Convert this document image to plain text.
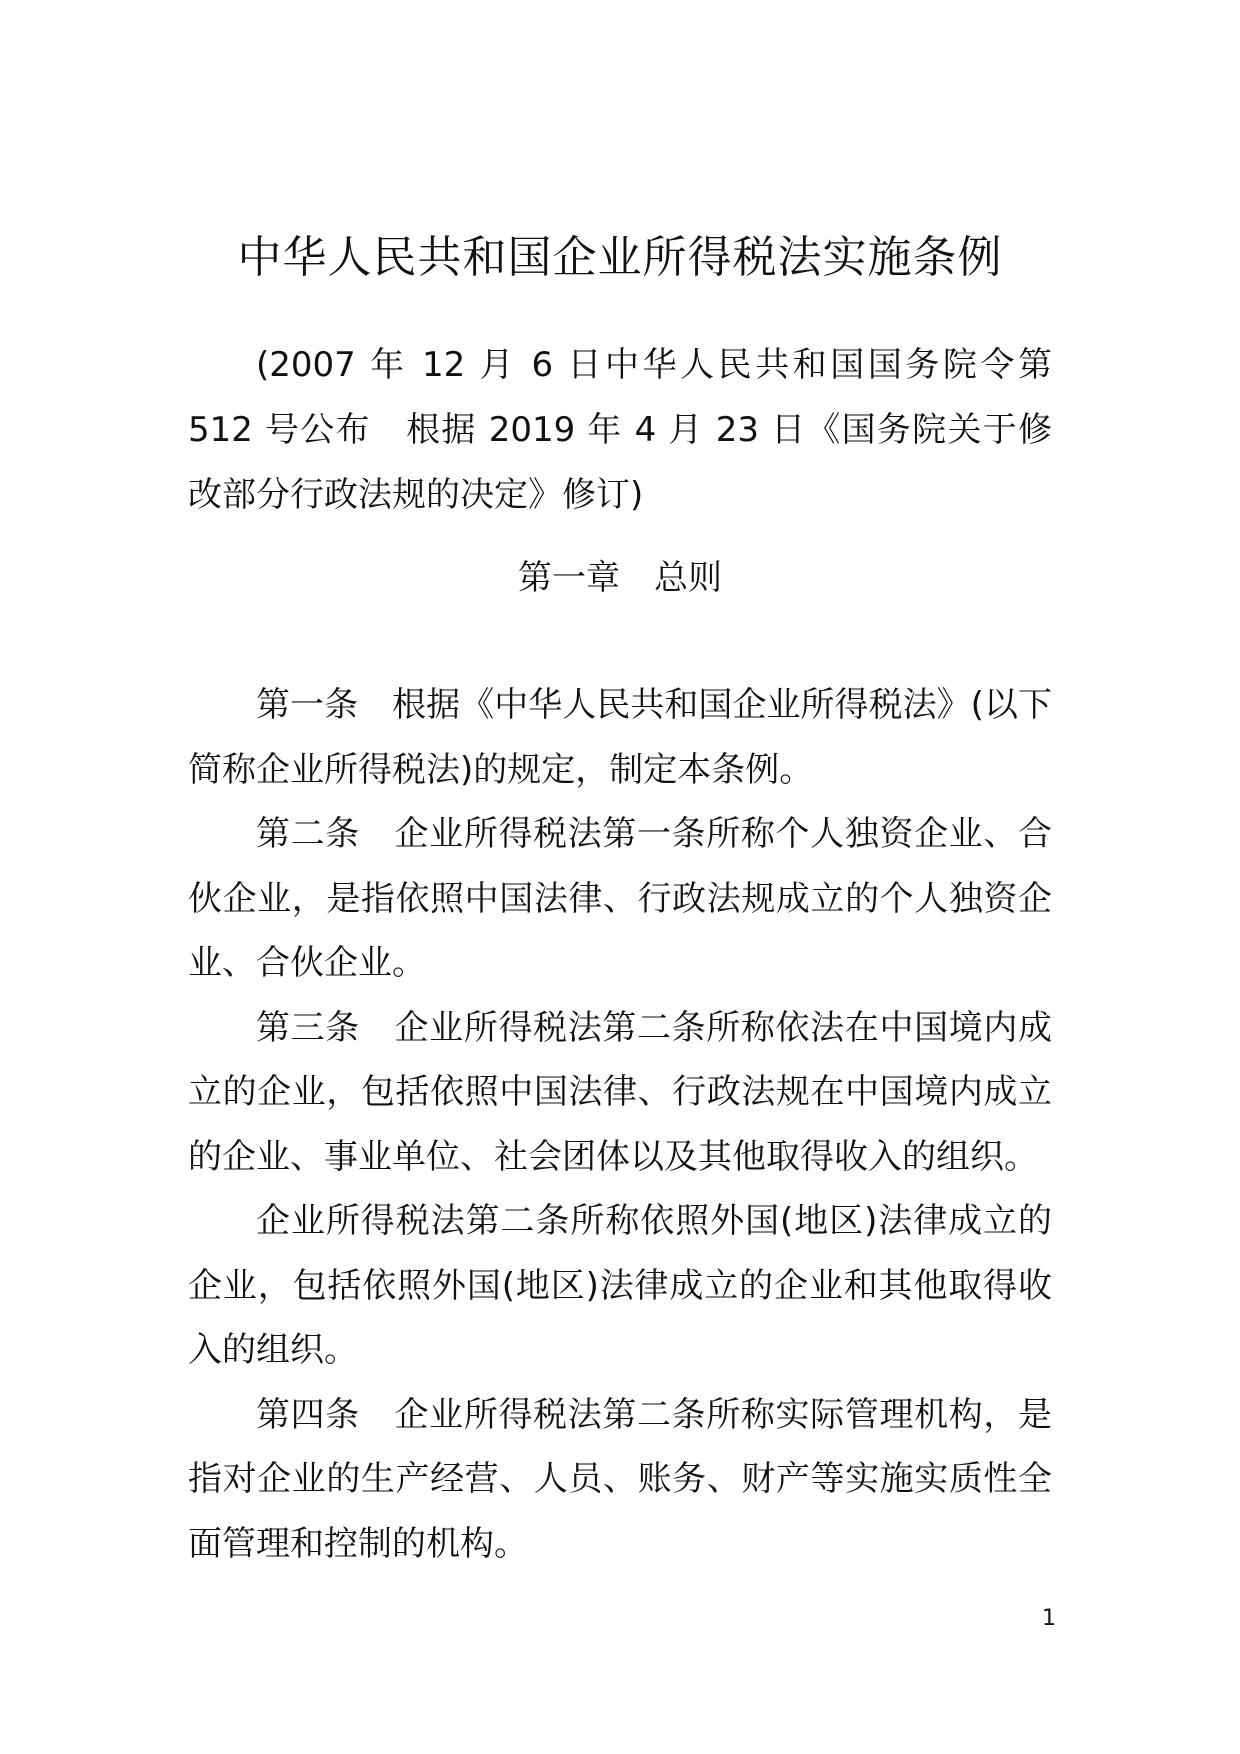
中华人民共和国企业所得税法实施条例

(2007 年 12 月 6 日中华人民共和国国务院令第 512 号公布　根据 2019 年 4 月 23 日《国务院关于修改部分行政法规的决定》修订)

第一章　总则

第一条　根据《中华人民共和国企业所得税法》(以下简称企业所得税法)的规定，制定本条例。

第二条　企业所得税法第一条所称个人独资企业、合伙企业，是指依照中国法律、行政法规成立的个人独资企业、合伙企业。

第三条　企业所得税法第二条所称依法在中国境内成立的企业，包括依照中国法律、行政法规在中国境内成立的企业、事业单位、社会团体以及其他取得收入的组织。

企业所得税法第二条所称依照外国(地区)法律成立的企业，包括依照外国(地区)法律成立的企业和其他取得收入的组织。

第四条　企业所得税法第二条所称实际管理机构，是指对企业的生产经营、人员、账务、财产等实施实质性全面管理和控制的机构。

1
